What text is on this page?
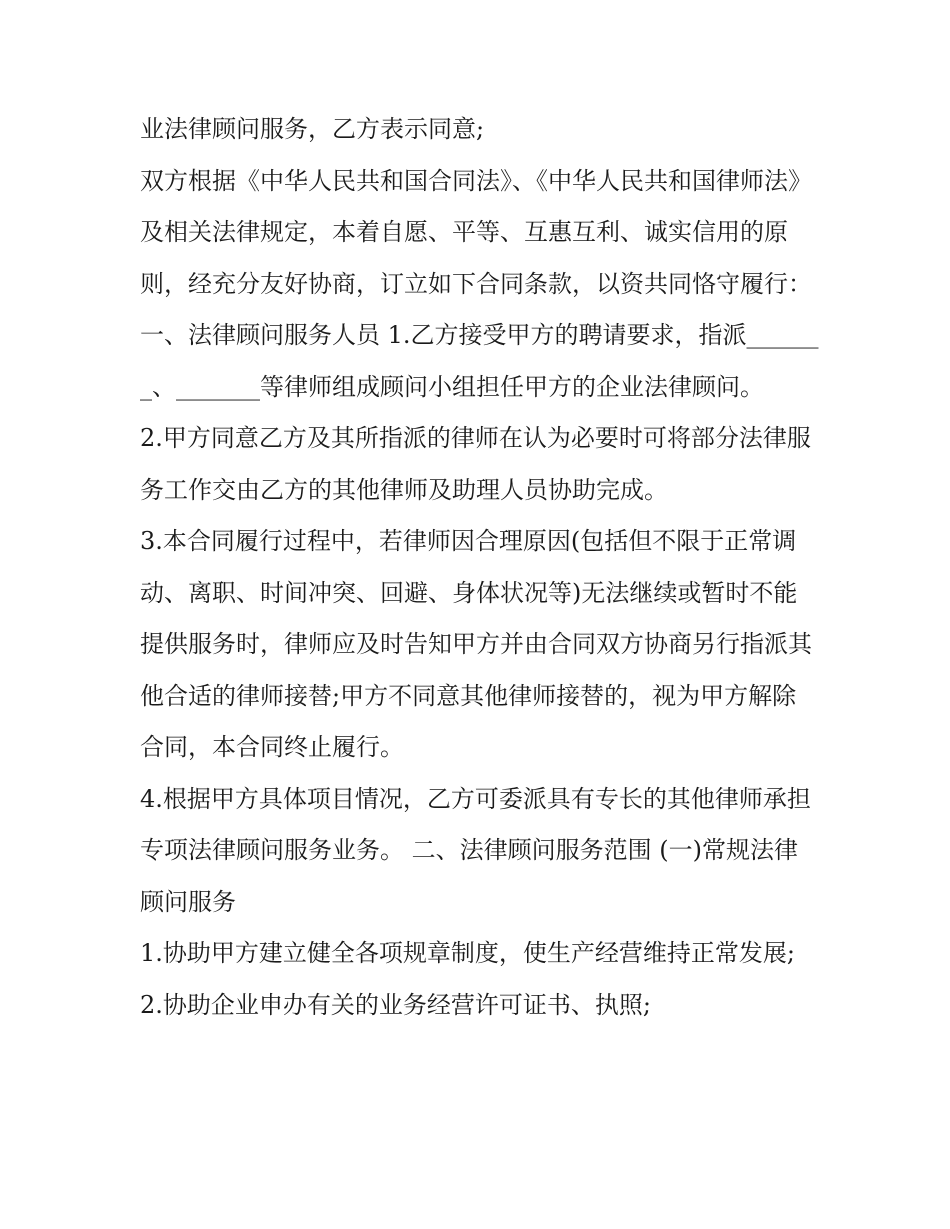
业法律顾问服务，乙方表示同意;

双方根据《中华人民共和国合同法》、《中华人民共和国律师法》及相关法律规定，本着自愿、平等、互惠互利、诚实信用的原则，经充分友好协商，订立如下合同条款，以资共同恪守履行：

一、法律顾问服务人员 1.乙方接受甲方的聘请要求，指派_______、_______等律师组成顾问小组担任甲方的企业法律顾问。

2.甲方同意乙方及其所指派的律师在认为必要时可将部分法律服务工作交由乙方的其他律师及助理人员协助完成。

3.本合同履行过程中，若律师因合理原因(包括但不限于正常调动、离职、时间冲突、回避、身体状况等)无法继续或暂时不能提供服务时，律师应及时告知甲方并由合同双方协商另行指派其他合适的律师接替;甲方不同意其他律师接替的，视为甲方解除合同，本合同终止履行。

4.根据甲方具体项目情况，乙方可委派具有专长的其他律师承担专项法律顾问服务业务。 二、法律顾问服务范围 (一)常规法律顾问服务

1.协助甲方建立健全各项规章制度，使生产经营维持正常发展;

2.协助企业申办有关的业务经营许可证书、执照;
